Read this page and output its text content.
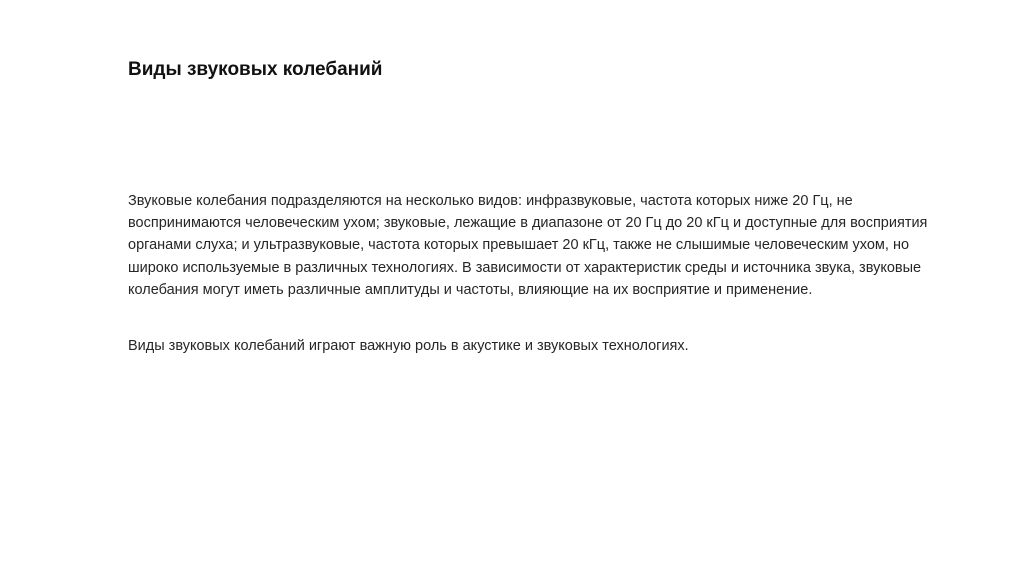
Виды звуковых колебаний

Звуковые колебания подразделяются на несколько видов: инфразвуковые, частота которых ниже 20 Гц, не воспринимаются человеческим ухом; звуковые, лежащие в диапазоне от 20 Гц до 20 кГц и доступные для восприятия органами слуха; и ультразвуковые, частота которых превышает 20 кГц, также не слышимые человеческим ухом, но широко используемые в различных технологиях. В зависимости от характеристик среды и источника звука, звуковые колебания могут иметь различные амплитуды и частоты, влияющие на их восприятие и применение.

Виды звуковых колебаний играют важную роль в акустике и звуковых технологиях.
